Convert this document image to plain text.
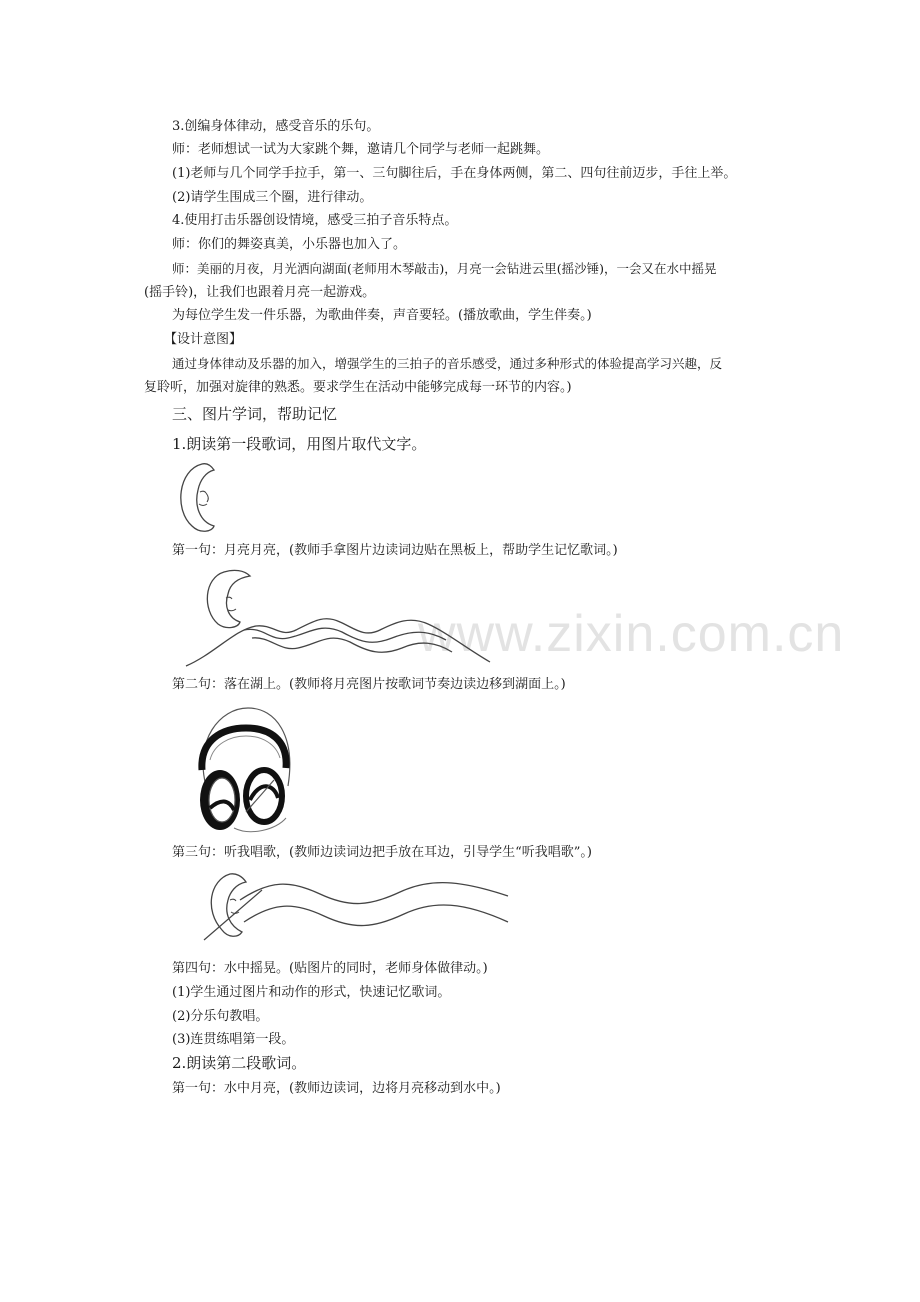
www.zixin.com.cn
3.创编身体律动，感受音乐的乐句。
师：老师想试一试为大家跳个舞，邀请几个同学与老师一起跳舞。
(1)老师与几个同学手拉手，第一、三句脚往后，手在身体两侧，第二、四句往前迈步，手往上举。
(2)请学生围成三个圈，进行律动。
4.使用打击乐器创设情境，感受三拍子音乐特点。
师：你们的舞姿真美，小乐器也加入了。
师：美丽的月夜，月光洒向湖面(老师用木琴敲击)，月亮一会钻进云里(摇沙锤)，一会又在水中摇晃
(摇手铃)，让我们也跟着月亮一起游戏。
为每位学生发一件乐器，为歌曲伴奏，声音要轻。(播放歌曲，学生伴奏。)
【设计意图】
通过身体律动及乐器的加入，增强学生的三拍子的音乐感受，通过多种形式的体验提高学习兴趣，反
复聆听，加强对旋律的熟悉。要求学生在活动中能够完成每一环节的内容。)
三、图片学词，帮助记忆
1.朗读第一段歌词，用图片取代文字。
第一句：月亮月亮，(教师手拿图片边读词边贴在黑板上，帮助学生记忆歌词。)
第二句：落在湖上。(教师将月亮图片按歌词节奏边读边移到湖面上。)
第三句：听我唱歌，(教师边读词边把手放在耳边，引导学生“听我唱歌”。)
第四句：水中摇晃。(贴图片的同时，老师身体做律动。)
(1)学生通过图片和动作的形式，快速记忆歌词。
(2)分乐句教唱。
(3)连贯练唱第一段。
2.朗读第二段歌词。
第一句：水中月亮，(教师边读词，边将月亮移动到水中。)
